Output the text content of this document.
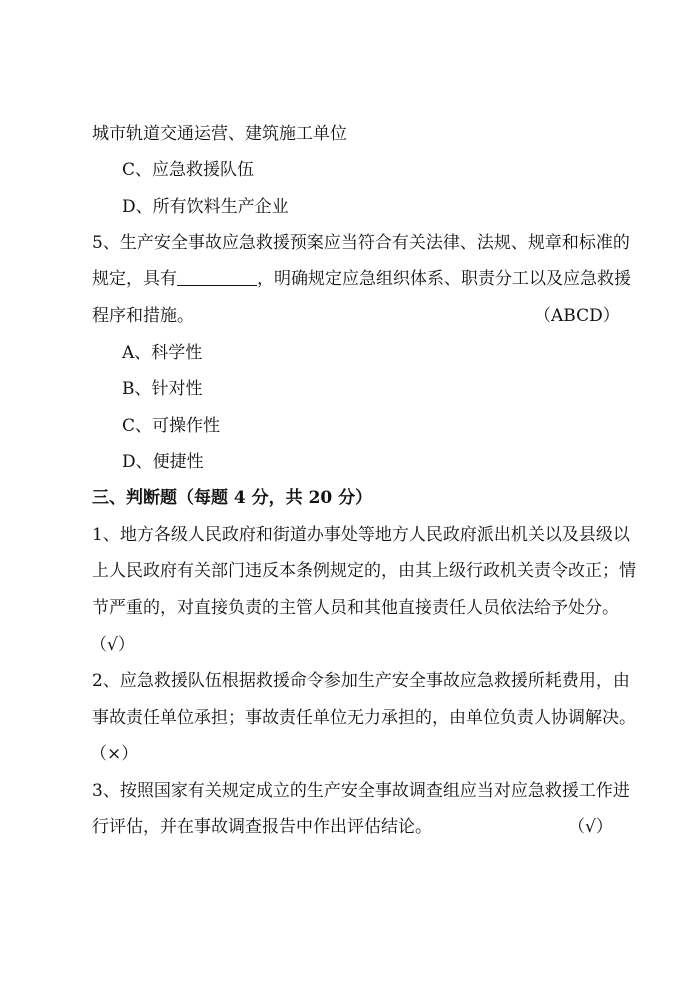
城市轨道交通运营、建筑施工单位
C、应急救援队伍
D、所有饮料生产企业
5、生产安全事故应急救援预案应当符合有关法律、法规、规章和标准的
规定，具有	，明确规定应急组织体系、职责分工以及应急救援
程序和措施。	（ABCD）
A、科学性
B、针对性
C、可操作性
D、便捷性
三、判断题（每题 4 分，共 20 分）
1、地方各级人民政府和街道办事处等地方人民政府派出机关以及县级以
上人民政府有关部门违反本条例规定的，由其上级行政机关责令改正；情
节严重的，对直接负责的主管人员和其他直接责任人员依法给予处分。
（√）
2、应急救援队伍根据救援命令参加生产安全事故应急救援所耗费用，由
事故责任单位承担；事故责任单位无力承担的，由单位负责人协调解决。
（×）
3、按照国家有关规定成立的生产安全事故调查组应当对应急救援工作进
行评估，并在事故调查报告中作出评估结论。	（√）
